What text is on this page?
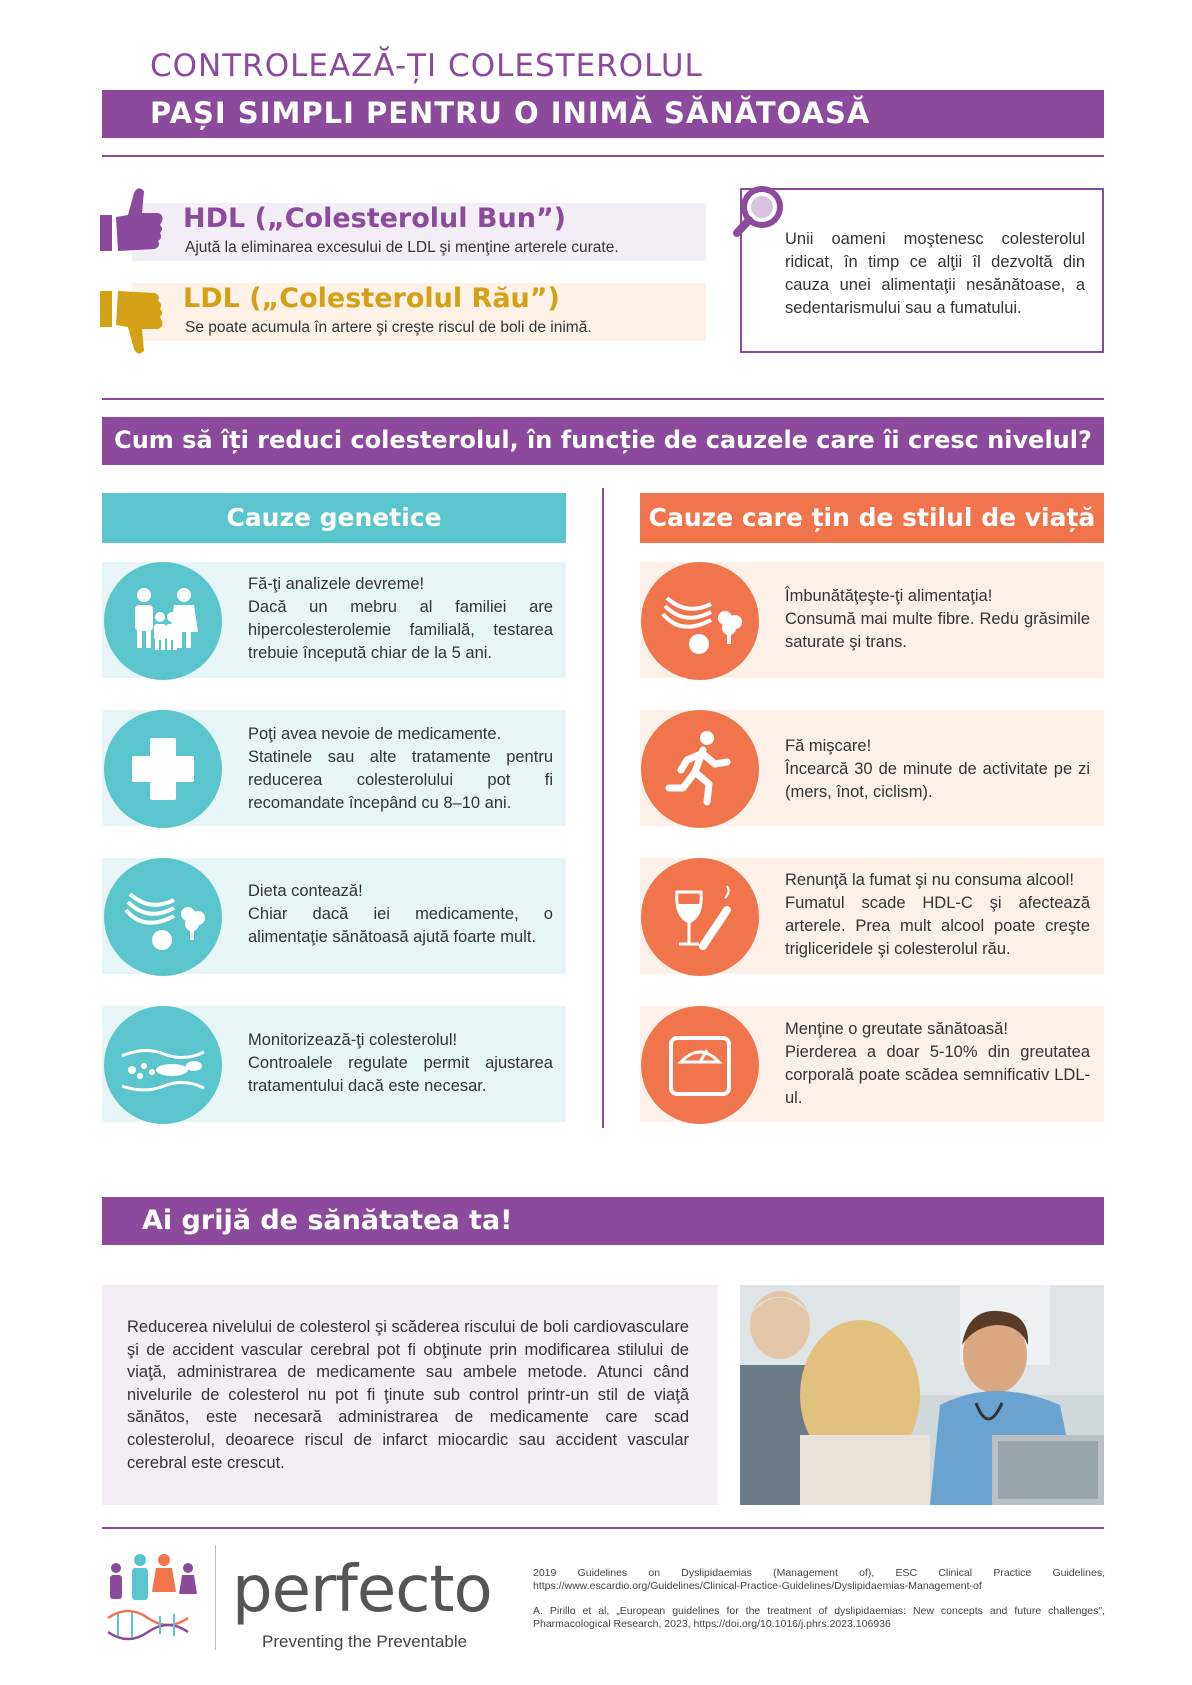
CONTROLEAZĂ-ȚI COLESTEROLUL
PAȘI SIMPLI PENTRU O INIMĂ SĂNĂTOASĂ
HDL („Colesterolul Bun”)
Ajută la eliminarea excesului de LDL şi menţine arterele curate.
LDL („Colesterolul Rău”)
Se poate acumula în artere şi creşte riscul de boli de inimă.
Unii oameni moştenesc colesterolul ridicat, în timp ce alţii îl dezvoltă din cauza unei alimentaţii nesănătoase, a sedentarismului sau a fumatului.
Cum să îți reduci colesterolul, în funcție de cauzele care îi cresc nivelul?
Cauze genetice	Cauze care țin de stilul de viață
Fă-ţi analizele devreme!
Dacă un mebru al familiei are hipercolesterolemie familială, testarea trebuie începută chiar de la 5 ani.
Poţi avea nevoie de medicamente.
Statinele sau alte tratamente pentru reducerea colesterolului pot fi recomandate începând cu 8–10 ani.
Dieta contează!
Chiar dacă iei medicamente, o alimentaţie sănătoasă ajută foarte mult.
Monitorizează-ţi colesterolul!
Controalele regulate permit ajustarea tratamentului dacă este necesar.
Îmbunătăţeşte-ţi alimentaţia!
Consumă mai multe fibre. Redu grăsimile saturate şi trans.
Fă mişcare!
Încearcă 30 de minute de activitate pe zi (mers, înot, ciclism).
Renunţă la fumat şi nu consuma alcool!
Fumatul scade HDL-C şi afectează arterele. Prea mult alcool poate creşte trigliceridele şi colesterolul rău.
Menţine o greutate sănătoasă!
Pierderea a doar 5-10% din greutatea corporală poate scădea semnificativ LDL-ul.
Ai grijă de sănătatea ta!
Reducerea nivelului de colesterol şi scăderea riscului de boli cardiovasculare şi de accident vascular cerebral pot fi obţinute prin modificarea stilului de viaţă, administrarea de medicamente sau ambele metode. Atunci când nivelurile de colesterol nu pot fi ţinute sub control printr-un stil de viaţă sănătos, este necesară administrarea de medicamente care scad colesterolul, deoarece riscul de infarct miocardic sau accident vascular cerebral este crescut.
perfecto
Preventing the Preventable
2019 Guidelines on Dyslipidaemias (Management of), ESC Clinical Practice Guidelines, https://www.escardio.org/Guidelines/Clinical-Practice-Guidelines/Dyslipidaemias-Management-of
A. Pirillo et al, „European guidelines for the treatment of dyslipidaemias: New concepts and future challenges", Pharmacological Research, 2023, https://doi.org/10.1016/j.phrs.2023.106936
